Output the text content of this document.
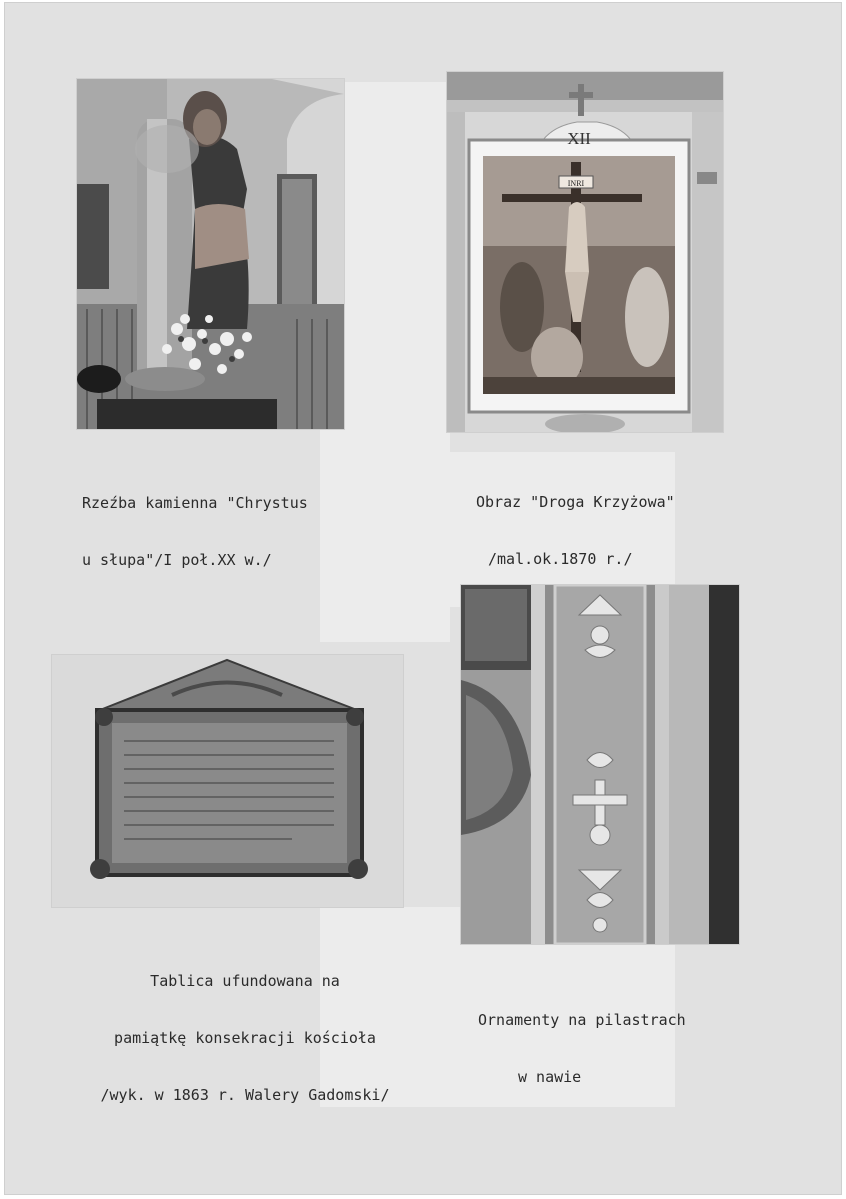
XII
INRI

Rzeźba kamienna "Chrystus

u słupa"/I poł.XX w./

Obraz "Droga Krzyżowa"

/mal.ok.1870 r./

Tablica ufundowana na

pamiątkę konsekracji kościoła

/wyk. w 1863 r. Walery Gadomski/

Ornamenty na pilastrach

w nawie
